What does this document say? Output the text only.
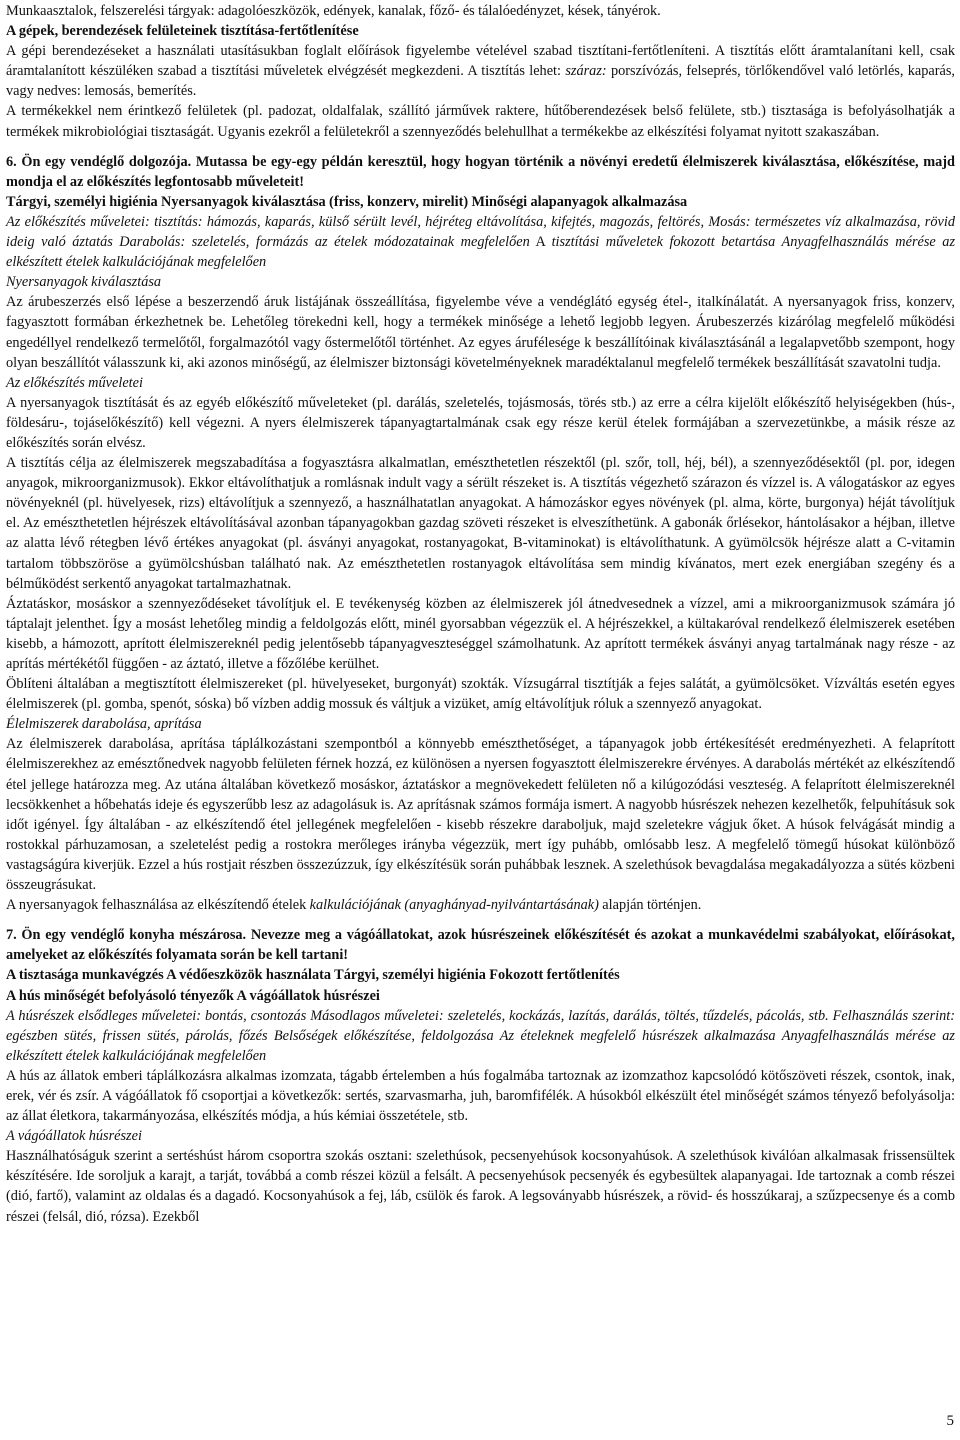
Munkaasztalok, felszerelési tárgyak: adagolóeszközök, edények, kanalak, főző- és tálalóedényzet, kések, tányérok.
A gépek, berendezések felületeinek tisztítása-fertőtlenítése
A gépi berendezéseket a használati utasításukban foglalt előírások figyelembe vételével szabad tisztítani-fertőtleníteni. A tisztítás előtt áramtalanítani kell, csak áramtalanított készüléken szabad a tisztítási műveletek elvégzését megkezdeni. A tisztítás lehet: száraz: porszívózás, felseprés, törlőkendővel való letörlés, kaparás, vagy nedves: lemosás, bemerítés.
A termékekkel nem érintkező felületek (pl. padozat, oldalfalak, szállító járművek raktere, hűtőberendezések belső felülete, stb.) tisztasága is befolyásolhatják a termékek mikrobiológiai tisztaságát. Ugyanis ezekről a felületekről a szennyeződés belehullhat a termékekbe az elkészítési folyamat nyitott szakaszában.
6. Ön egy vendéglő dolgozója. Mutassa be egy-egy példán keresztül, hogy hogyan történik a növényi eredetű élelmiszerek kiválasztása, előkészítése, majd mondja el az előkészítés legfontosabb műveleteit!
Tárgyi, személyi higiénia Nyersanyagok kiválasztása (friss, konzerv, mirelit) Minőségi alapanyagok alkalmazása
Az előkészítés műveletei: tisztítás: hámozás, kaparás, külső sérült levél, héjréteg eltávolítása, kifejtés, magozás, feltörés, Mosás: természetes víz alkalmazása, rövid ideig való áztatás Darabolás: szeletelés, formázás az ételek módozatainak megfelelően A tisztítási műveletek fokozott betartása Anyagfelhasználás mérése az elkészített ételek kalkulációjának megfelelően
Nyersanyagok kiválasztása
Az árubeszerzés első lépése a beszerzendő áruk listájának összeállítása, figyelembe véve a vendéglátó egység étel-, italkínálatát. A nyersanyagok friss, konzerv, fagyasztott formában érkezhetnek be. Lehetőleg törekedni kell, hogy a termékek minősége a lehető legjobb legyen. Árubeszerzés kizárólag megfelelő működési engedéllyel rendelkező termelőtől, forgalmazótól vagy őstermelőtől történhet. Az egyes árufélesége k beszállítóinak kiválasztásánál a legalapvetőbb szempont, hogy olyan beszállítót válasszunk ki, aki azonos minőségű, az élelmiszer biztonsági követelményeknek maradéktalanul megfelelő termékek beszállítását szavatolni tudja.
Az előkészítés műveletei
A nyersanyagok tisztítását és az egyéb előkészítő műveleteket (pl. darálás, szeletelés, tojásmosás, törés stb.) az erre a célra kijelölt előkészítő helyiségekben (hús-, földesáru-, tojáselőkészítő) kell végezni. A nyers élelmiszerek tápanyagtartalmának csak egy része kerül ételek formájában a szervezetünkbe, a másik része az előkészítés során elvész.
A tisztítás célja az élelmiszerek megszabadítása a fogyasztásra alkalmatlan, emészthetetlen részektől (pl. szőr, toll, héj, bél), a szennyeződésektől (pl. por, idegen anyagok, mikroorganizmusok). Ekkor eltávolíthatjuk a romlásnak indult vagy a sérült részeket is. A tisztítás végezhető szárazon és vízzel is. A válogatáskor az egyes növényeknél (pl. hüvelyesek, rizs) eltávolítjuk a szennyező, a használhatatlan anyagokat. A hámozáskor egyes növények (pl. alma, körte, burgonya) héját távolítjuk el. Az emészthetetlen héjrészek eltávolításával azonban tápanyagokban gazdag szöveti részeket is elveszíthetünk. A gabonák őrlésekor, hántolásakor a héjban, illetve az alatta lévő rétegben lévő értékes anyagokat (pl. ásványi anyagokat, rostanyagokat, B-vitaminokat) is eltávolíthatunk. A gyümölcsök héjrésze alatt a C-vitamin tartalom többszöröse a gyümölcshúsban található nak. Az emészthetetlen rostanyagok eltávolítása sem mindig kívánatos, mert ezek energiában szegény és a bélműködést serkentő anyagokat tartalmazhatnak.
Áztatáskor, mosáskor a szennyeződéseket távolítjuk el. E tevékenység közben az élelmiszerek jól átnedvesednek a vízzel, ami a mikroorganizmusok számára jó táptalajt jelenthet. Így a mosást lehetőleg mindig a feldolgozás előtt, minél gyorsabban végezzük el. A héjrészekkel, a kültakaróval rendelkező élelmiszerek esetében kisebb, a hámozott, aprított élelmiszereknél pedig jelentősebb tápanyagveszteséggel számolhatunk. Az aprított termékek ásványi anyag tartalmának nagy része - az aprítás mértékétől függően - az áztató, illetve a főzőlébe kerülhet.
Öblíteni általában a megtisztított élelmiszereket (pl. hüvelyeseket, burgonyát) szokták. Vízsugárral tisztítják a fejes salátát, a gyümölcsöket. Vízváltás esetén egyes élelmiszerek (pl. gomba, spenót, sóska) bő vízben addig mossuk és váltjuk a vizüket, amíg eltávolítjuk róluk a szennyező anyagokat.
Élelmiszerek darabolása, aprítása
Az élelmiszerek darabolása, aprítása táplálkozástani szempontból a könnyebb emészthetőséget, a tápanyagok jobb értékesítését eredményezheti. A felaprított élelmiszerekhez az emésztőnedvek nagyobb felületen férnek hozzá, ez különösen a nyersen fogyasztott élelmiszerekre érvényes. A darabolás mértékét az elkészítendő étel jellege határozza meg. Az utána általában következő mosáskor, áztatáskor a megnövekedett felületen nő a kilúgozódási veszteség. A felaprított élelmiszereknél lecsökkenhet a hőbehatás ideje és egyszerűbb lesz az adagolásuk is. Az aprításnak számos formája ismert. A nagyobb húsrészek nehezen kezelhetők, felpuhításuk sok időt igényel. Így általában - az elkészítendő étel jellegének megfelelően - kisebb részekre daraboljuk, majd szeletekre vágjuk őket. A húsok felvágását mindig a rostokkal párhuzamosan, a szeletelést pedig a rostokra merőleges irányba végezzük, mert így puhább, omlósabb lesz. A megfelelő tömegű húsokat különböző vastagságúra kiverjük. Ezzel a hús rostjait részben összezúzzuk, így elkészítésük során puhábbak lesznek. A szelethúsok bevagdalása megakadályozza a sütés közbeni összeugrásukat.
A nyersanyagok felhasználása az elkészítendő ételek kalkulációjának (anyaghányad-nyilvántartásának) alapján történjen.
7. Ön egy vendéglő konyha mészárosa. Nevezze meg a vágóállatokat, azok húsrészeinek előkészítését és azokat a munkavédelmi szabályokat, előírásokat, amelyeket az előkészítés folyamata során be kell tartani!
A tisztasága munkavégzés A védőeszközök használata Tárgyi, személyi higiénia Fokozott fertőtlenítés
A hús minőségét befolyásoló tényezők A vágóállatok húsrészei
A húsrészek elsődleges műveletei: bontás, csontozás Másodlagos műveletei: szeletelés, kockázás, lazítás, darálás, töltés, tűzdelés, pácolás, stb. Felhasználás szerint: egészben sütés, frissen sütés, párolás, főzés Belsőségek előkészítése, feldolgozása Az ételeknek megfelelő húsrészek alkalmazása Anyagfelhasználás mérése az elkészített ételek kalkulációjának megfelelően
A hús az állatok emberi táplálkozásra alkalmas izomzata, tágabb értelemben a hús fogalmába tartoznak az izomzathoz kapcsolódó kötőszöveti részek, csontok, inak, erek, vér és zsír. A vágóállatok fő csoportjai a következők: sertés, szarvasmarha, juh, baromfifélék. A húsokból elkészült étel minőségét számos tényező befolyásolja: az állat életkora, takarmányozása, elkészítés módja, a hús kémiai összetétele, stb.
A vágóállatok húsrészei
Használhatóságuk szerint a sertéshúst három csoportra szokás osztani: szelethúsok, pecsenyehúsok kocsonyahúsok. A szelethúsok kiválóan alkalmasak frissensültek készítésére. Ide soroljuk a karajt, a tarját, továbbá a comb részei közül a felsált. A pecsenyehúsok pecsenyék és egybesültek alapanyagai. Ide tartoznak a comb részei (dió, fartő), valamint az oldalas és a dagadó. Kocsonyahúsok a fej, láb, csülök és farok. A legsoványabb húsrészek, a rövid- és hosszúkaraj, a szűzpecsenye és a comb részei (felsál, dió, rózsa). Ezekből
5
